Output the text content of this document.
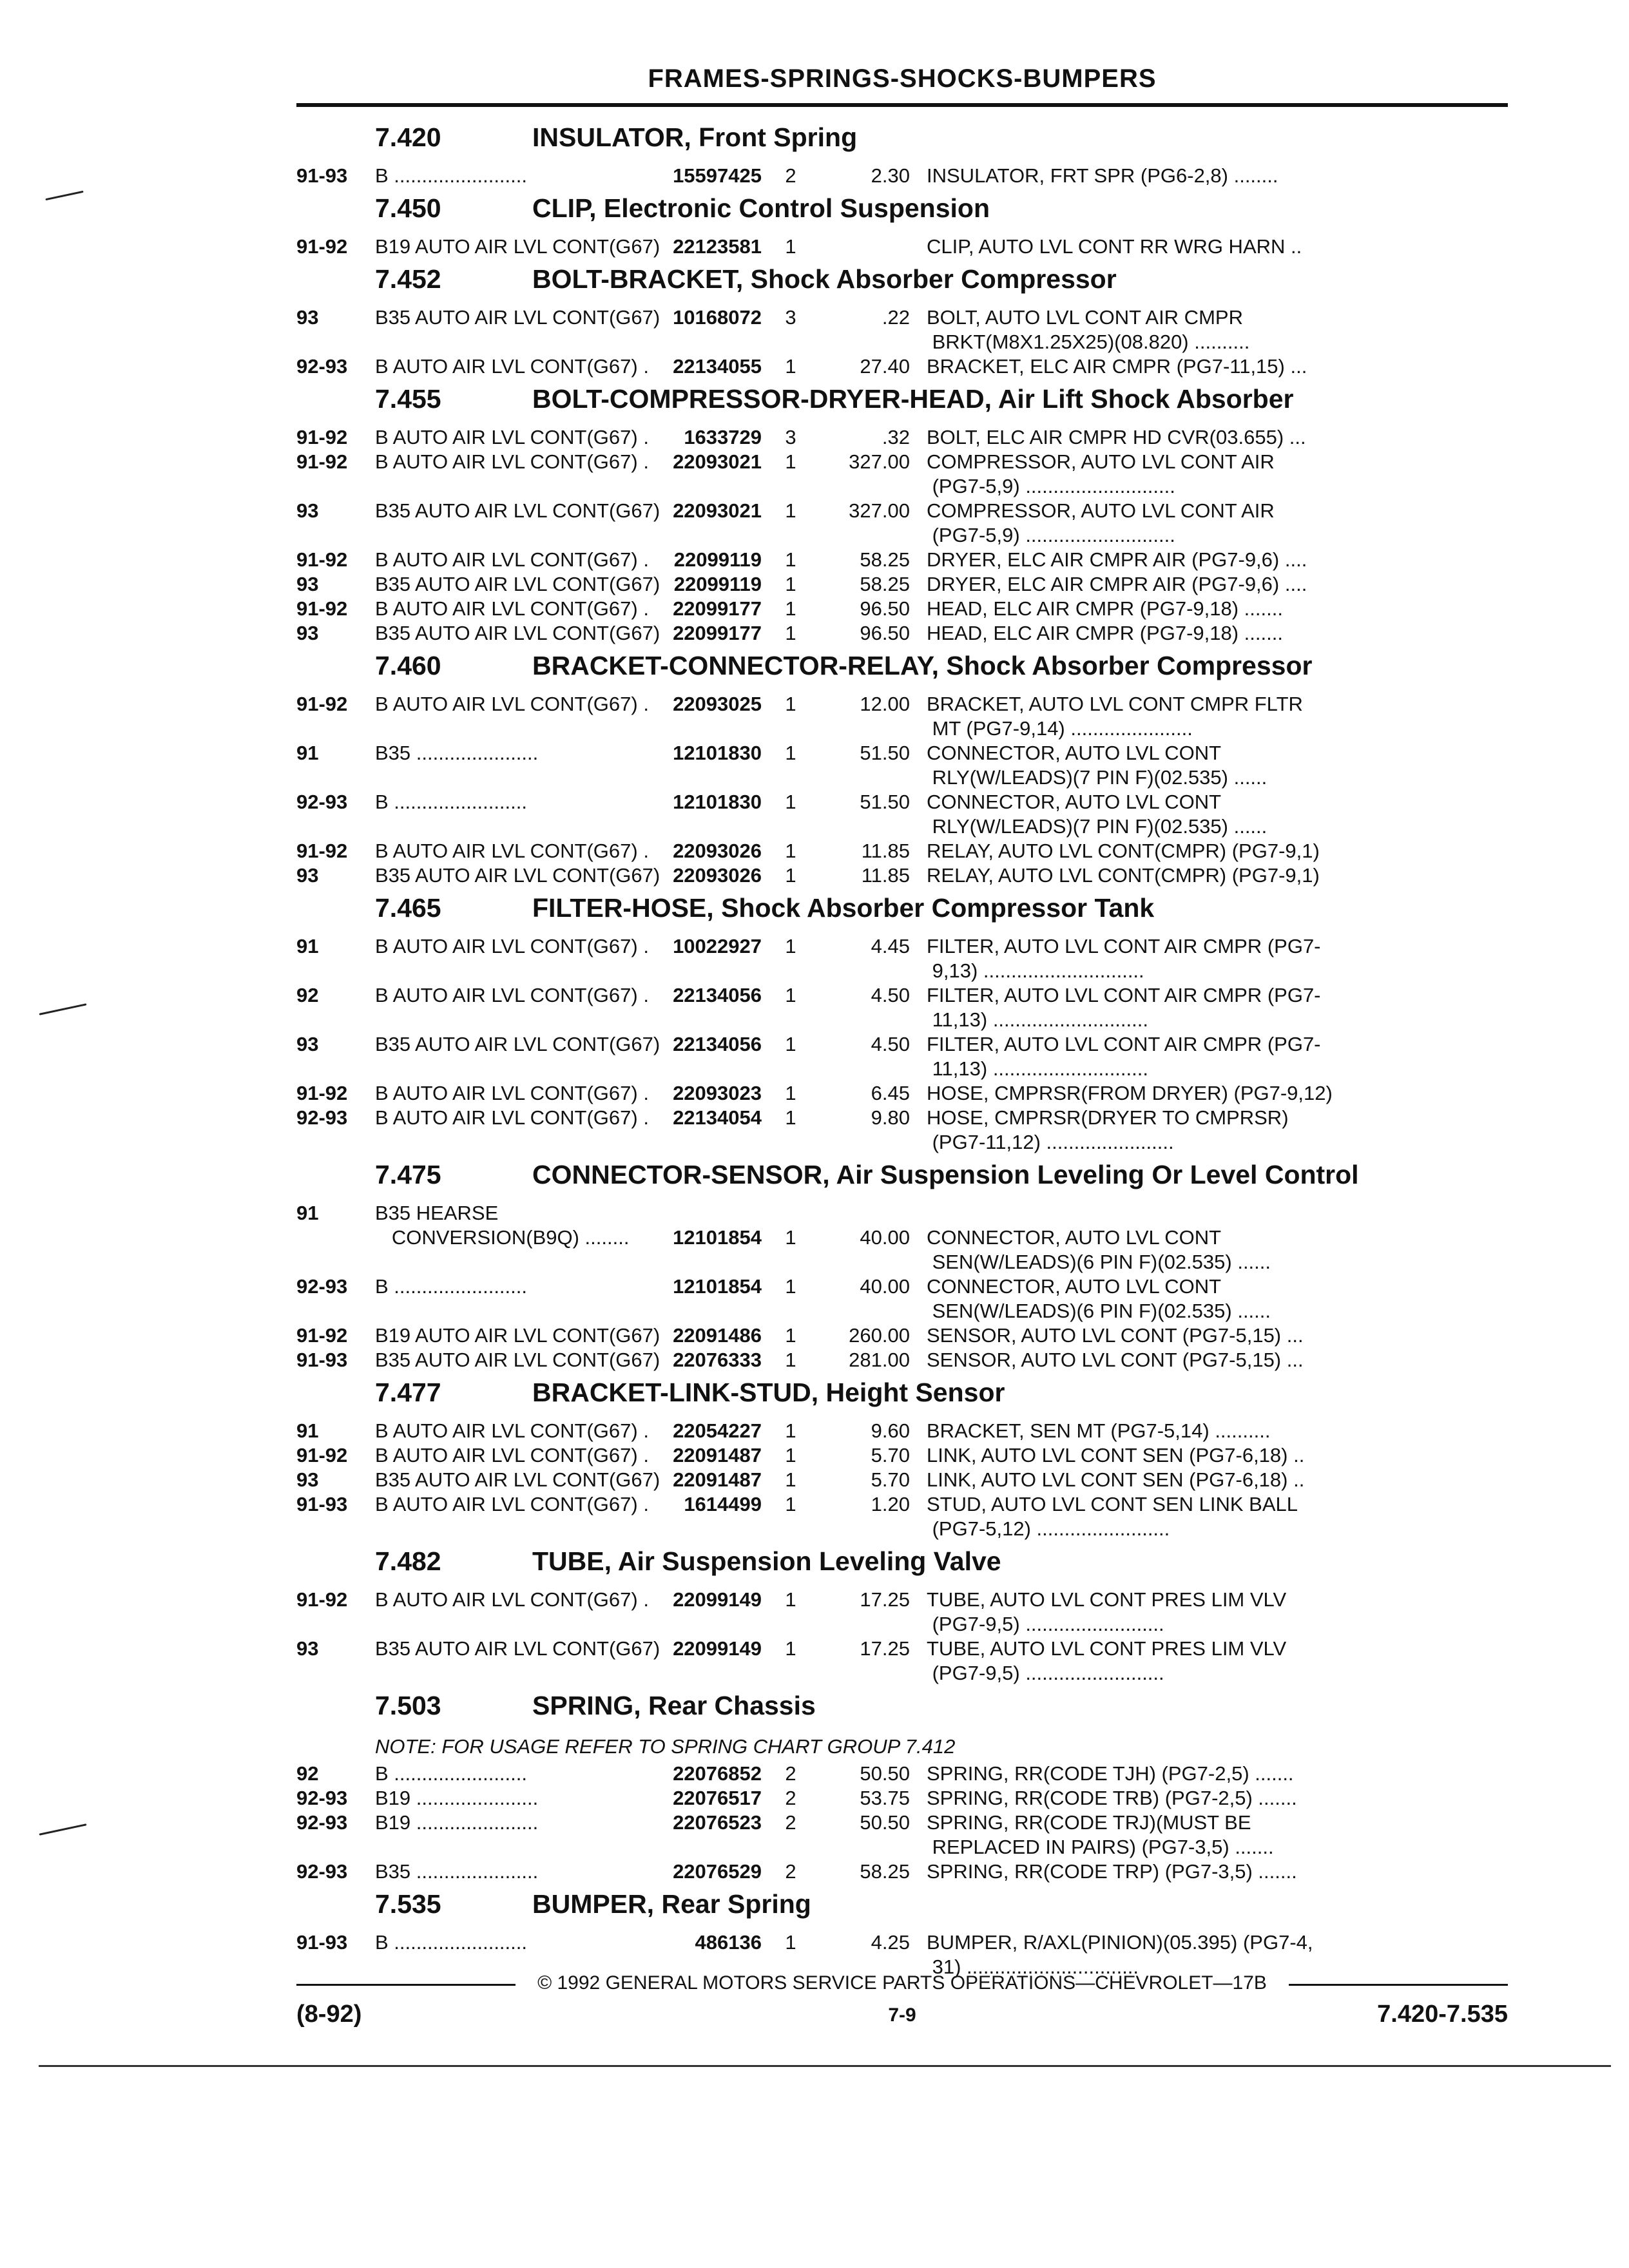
FRAMES-SPRINGS-SHOCKS-BUMPERS
7.420	INSULATOR, Front Spring
91-93	B ........................	15597425	2	2.30 INSULATOR, FRT SPR (PG6-2,8) ........
7.450	CLIP, Electronic Control Suspension
91-92	B19 AUTO AIR LVL CONT(G67) 22123581	1	CLIP, AUTO LVL CONT RR WRG HARN ..
7.452	BOLT-BRACKET, Shock Absorber Compressor
93	B35 AUTO AIR LVL CONT(G67) 10168072	3	.22 BOLT, AUTO LVL CONT AIR CMPR
BRKT(M8X1.25X25)(08.820) ..........
92-93	B AUTO AIR LVL CONT(G67) .	22134055	1	27.40 BRACKET, ELC AIR CMPR (PG7-11,15) ...
7.455	BOLT-COMPRESSOR-DRYER-HEAD, Air Lift Shock Absorber
91-92	B AUTO AIR LVL CONT(G67) .	1633729	3	.32 BOLT, ELC AIR CMPR HD CVR(03.655) ...
91-92	B AUTO AIR LVL CONT(G67) .	22093021	1	327.00 COMPRESSOR, AUTO LVL CONT AIR
(PG7-5,9) ...........................
93	B35 AUTO AIR LVL CONT(G67) 22093021	1	327.00 COMPRESSOR, AUTO LVL CONT AIR
(PG7-5,9) ...........................
91-92	B AUTO AIR LVL CONT(G67) .	22099119	1	58.25 DRYER, ELC AIR CMPR AIR (PG7-9,6) ....
93	B35 AUTO AIR LVL CONT(G67) 22099119	1	58.25 DRYER, ELC AIR CMPR AIR (PG7-9,6) ....
91-92	B AUTO AIR LVL CONT(G67) .	22099177	1	96.50 HEAD, ELC AIR CMPR (PG7-9,18) .......
93	B35 AUTO AIR LVL CONT(G67) 22099177	1	96.50 HEAD, ELC AIR CMPR (PG7-9,18) .......
7.460	BRACKET-CONNECTOR-RELAY, Shock Absorber Compressor
91-92	B AUTO AIR LVL CONT(G67) .	22093025	1	12.00 BRACKET, AUTO LVL CONT CMPR FLTR
MT (PG7-9,14) ......................
91	B35 ......................	12101830	1	51.50 CONNECTOR, AUTO LVL CONT
RLY(W/LEADS)(7 PIN F)(02.535) ......
92-93	B ........................	12101830	1	51.50 CONNECTOR, AUTO LVL CONT
RLY(W/LEADS)(7 PIN F)(02.535) ......
91-92	B AUTO AIR LVL CONT(G67) .	22093026	1	11.85 RELAY, AUTO LVL CONT(CMPR) (PG7-9,1)
93	B35 AUTO AIR LVL CONT(G67) 22093026	1	11.85 RELAY, AUTO LVL CONT(CMPR) (PG7-9,1)
7.465	FILTER-HOSE, Shock Absorber Compressor Tank
91	B AUTO AIR LVL CONT(G67) .	10022927	1	4.45 FILTER, AUTO LVL CONT AIR CMPR (PG7-
9,13) .............................
92	B AUTO AIR LVL CONT(G67) .	22134056	1	4.50 FILTER, AUTO LVL CONT AIR CMPR (PG7-
11,13) ............................
93	B35 AUTO AIR LVL CONT(G67) 22134056	1	4.50 FILTER, AUTO LVL CONT AIR CMPR (PG7-
11,13) ............................
91-92	B AUTO AIR LVL CONT(G67) .	22093023	1	6.45 HOSE, CMPRSR(FROM DRYER) (PG7-9,12)
92-93	B AUTO AIR LVL CONT(G67) .	22134054	1	9.80 HOSE, CMPRSR(DRYER TO CMPRSR)
(PG7-11,12) .......................
7.475	CONNECTOR-SENSOR, Air Suspension Leveling Or Level Control
91	B35 HEARSE
CONVERSION(B9Q) ........	12101854	1	40.00 CONNECTOR, AUTO LVL CONT
SEN(W/LEADS)(6 PIN F)(02.535) ......
92-93	B ........................	12101854	1	40.00 CONNECTOR, AUTO LVL CONT
SEN(W/LEADS)(6 PIN F)(02.535) ......
91-92	B19 AUTO AIR LVL CONT(G67) 22091486	1	260.00 SENSOR, AUTO LVL CONT (PG7-5,15) ...
91-93	B35 AUTO AIR LVL CONT(G67) 22076333	1	281.00 SENSOR, AUTO LVL CONT (PG7-5,15) ...
7.477	BRACKET-LINK-STUD, Height Sensor
91	B AUTO AIR LVL CONT(G67) .	22054227	1	9.60 BRACKET, SEN MT (PG7-5,14) ..........
91-92	B AUTO AIR LVL CONT(G67) .	22091487	1	5.70 LINK, AUTO LVL CONT SEN (PG7-6,18) ..
93	B35 AUTO AIR LVL CONT(G67) 22091487	1	5.70 LINK, AUTO LVL CONT SEN (PG7-6,18) ..
91-93	B AUTO AIR LVL CONT(G67) .	1614499	1	1.20 STUD, AUTO LVL CONT SEN LINK BALL
(PG7-5,12) ........................
7.482	TUBE, Air Suspension Leveling Valve
91-92	B AUTO AIR LVL CONT(G67) .	22099149	1	17.25 TUBE, AUTO LVL CONT PRES LIM VLV
(PG7-9,5) .........................
93	B35 AUTO AIR LVL CONT(G67) 22099149	1	17.25 TUBE, AUTO LVL CONT PRES LIM VLV
(PG7-9,5) .........................
7.503	SPRING, Rear Chassis
NOTE: FOR USAGE REFER TO SPRING CHART GROUP 7.412
92	B ........................	22076852	2	50.50 SPRING, RR(CODE TJH) (PG7-2,5) .......
92-93	B19 ......................	22076517	2	53.75 SPRING, RR(CODE TRB) (PG7-2,5) .......
92-93	B19 ......................	22076523	2	50.50 SPRING, RR(CODE TRJ)(MUST BE
REPLACED IN PAIRS) (PG7-3,5) .......
92-93	B35 ......................	22076529	2	58.25 SPRING, RR(CODE TRP) (PG7-3,5) .......
7.535	BUMPER, Rear Spring
91-93	B ........................	486136	1	4.25 BUMPER, R/AXL(PINION)(05.395) (PG7-4,
31) ...............................
© 1992 GENERAL MOTORS SERVICE PARTS OPERATIONS—CHEVROLET—17B
(8-92)	7-9	7.420-7.535
